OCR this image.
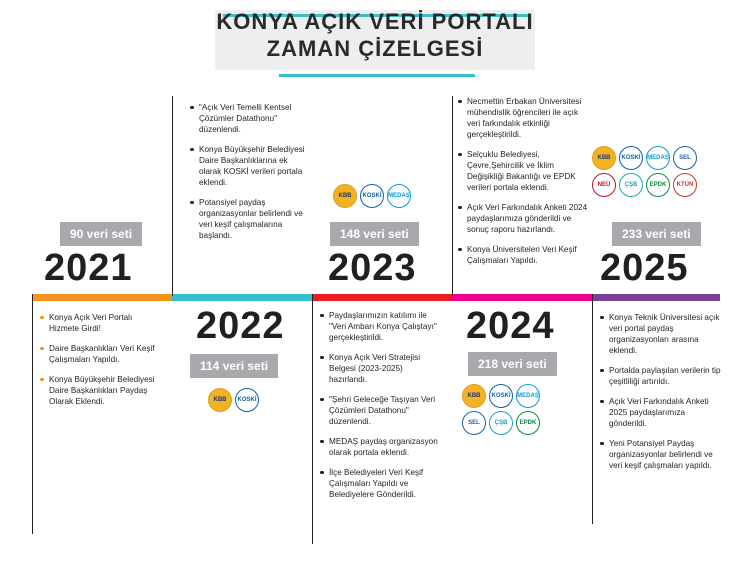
KONYA AÇIK VERİ PORTALI
ZAMAN ÇİZELGESİ
90 veri seti
2021
Konya Açık Veri Portalı Hizmete Girdi!
Daire Başkanlıkları Veri Keşif Çalışmaları Yapıldı.
Konya Büyükşehir Belediyesi Daire Başkanlıkları Paydaş Olarak Eklendi.
"Açık Veri Temelli Kentsel Çözümler Datathonu" düzenlendi.
Konya Büyükşehir Belediyesi Daire Başkanlıklarına ek olarak KOSKİ verileri portala eklendi.
Potansiyel paydaş organizasyonlar belirlendi ve veri keşif çalışmalarına başlandı.
2022
114 veri seti
KBB	KOSKİ
KBB	KOSKİ	MEDAŞ
148 veri seti
2023
Paydaşlarımızın katılımı ile "Veri Ambarı Konya Çalıştayı" gerçekleştirildi.
Konya Açık Veri Stratejisi Belgesi (2023-2025) hazırlandı.
"Şehri Geleceğe Taşıyan Veri Çözümleri Datathonu" düzenlendi.
MEDAŞ paydaş organizasyon olarak portala eklendi.
İlçe Belediyeleri Veri Keşif Çalışmaları Yapıldı ve Belediyelere Gönderildi.
Necmettin Erbakan Üniversitesi mühendislik öğrencileri ile açık veri farkındalık etkinliği gerçekleştirildi.
Selçuklu Belediyesi, Çevre,Şehircilik ve İklim Değişikliği Bakanlığı ve EPDK verileri portala eklendi.
Açık Veri Farkındalık Anketi 2024 paydaşlarımıza gönderildi ve sonuç raporu hazırlandı.
Konya Üniversiteleri Veri Keşif Çalışmaları Yapıldı.
2024
218 veri seti
KBB	KOSKİ	MEDAŞ
SEL	ÇŞB	EPDK
KBB	KOSKİ	MEDAŞ	SEL
NEÜ	ÇŞB	EPDK	KTÜN
233 veri seti
2025
Konya Teknik Üniversitesi açık veri portal paydaş organizasyonları arasına eklendi.
Portalda paylaşılan verilerin tip çeşitliliği artırıldı.
Açık Veri Farkındalık Anketi 2025 paydaşlarımıza gönderildi.
Yeni Potansiyel Paydaş organizasyonlar belirlendi ve veri keşif çalışmaları yapıldı.
